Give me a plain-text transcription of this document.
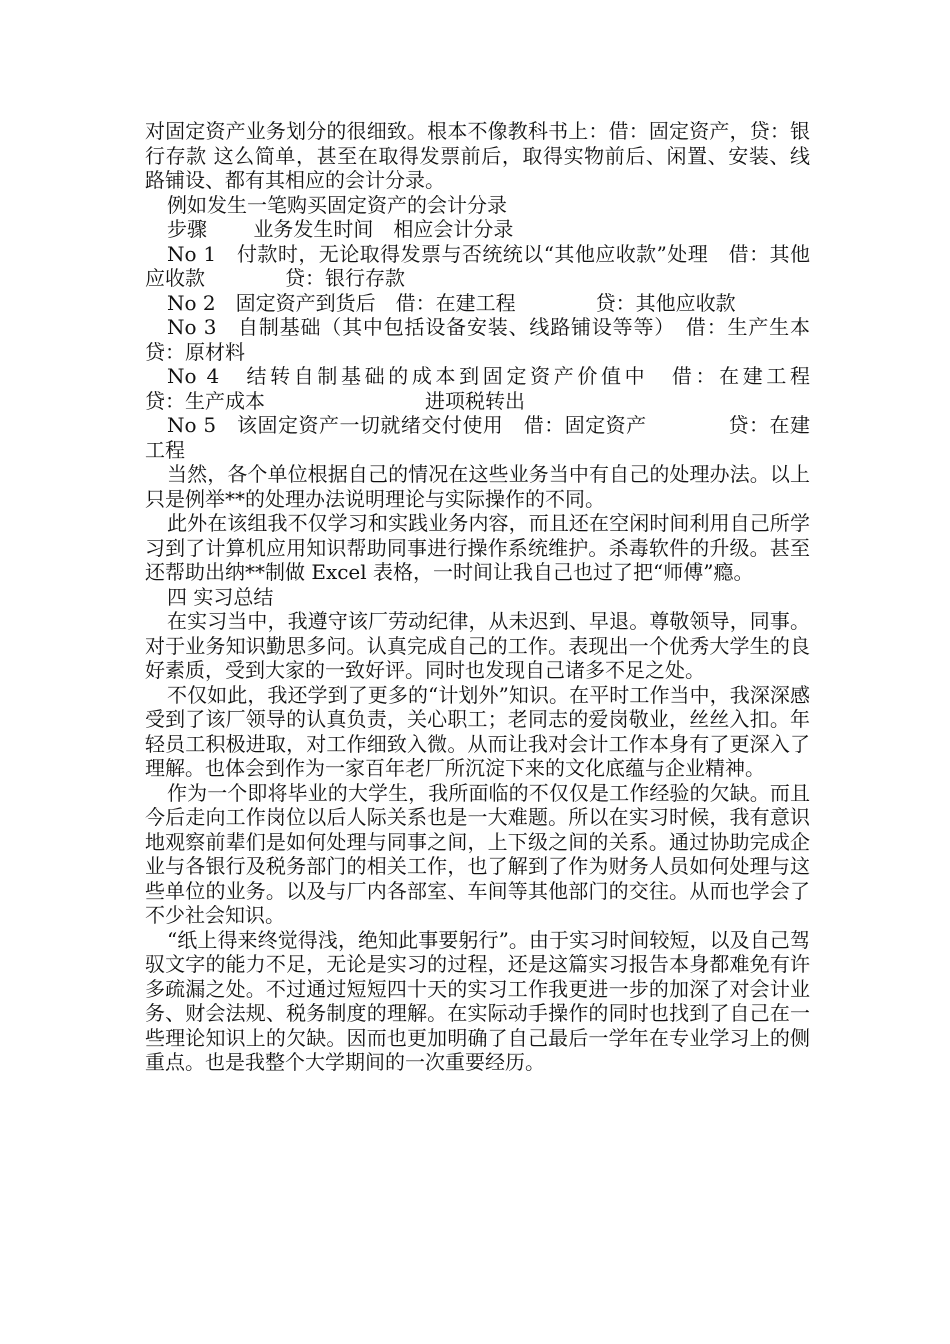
对固定资产业务划分的很细致。根本不像教科书上：借：固定资产，贷：银行存款 这么简单，甚至在取得发票前后，取得实物前后、闲置、安装、线路铺设、都有其相应的会计分录。

例如发生一笔购买固定资产的会计分录

步骤　　 业务发生时间　相应会计分录

No 1　付款时，无论取得发票与否统统以“其他应收款”处理　借：其他应收款　　　　贷：银行存款

No 2　固定资产到货后　借：在建工程　　　　贷：其他应收款

No 3　自制基础（其中包括设备安装、线路铺设等等）　借：生产生本　　　　贷：原材料

No 4　结转自制基础的成本到固定资产价值中　借：在建工程　　　贷：生产成本　　　　　　　　进项税转出

No 5　该固定资产一切就绪交付使用　借：固定资产　　　　贷：在建工程

当然，各个单位根据自己的情况在这些业务当中有自己的处理办法。以上只是例举**的处理办法说明理论与实际操作的不同。

此外在该组我不仅学习和实践业务内容，而且还在空闲时间利用自己所学习到了计算机应用知识帮助同事进行操作系统维护。杀毒软件的升级。甚至还帮助出纳**制做 Excel 表格，一时间让我自己也过了把“师傅”瘾。

四 实习总结

在实习当中，我遵守该厂劳动纪律，从未迟到、早退。尊敬领导，同事。对于业务知识勤思多问。认真完成自己的工作。表现出一个优秀大学生的良好素质，受到大家的一致好评。同时也发现自己诸多不足之处。

不仅如此，我还学到了更多的“计划外”知识。在平时工作当中，我深深感受到了该厂领导的认真负责，关心职工；老同志的爱岗敬业，丝丝入扣。年轻员工积极进取，对工作细致入微。从而让我对会计工作本身有了更深入了理解。也体会到作为一家百年老厂所沉淀下来的文化底蕴与企业精神。

作为一个即将毕业的大学生，我所面临的不仅仅是工作经验的欠缺。而且今后走向工作岗位以后人际关系也是一大难题。所以在实习时候，我有意识地观察前辈们是如何处理与同事之间，上下级之间的关系。通过协助完成企业与各银行及税务部门的相关工作，也了解到了作为财务人员如何处理与这些单位的业务。以及与厂内各部室、车间等其他部门的交往。从而也学会了不少社会知识。

“纸上得来终觉得浅，绝知此事要躬行”。由于实习时间较短，以及自己驾驭文字的能力不足，无论是实习的过程，还是这篇实习报告本身都难免有许多疏漏之处。不过通过短短四十天的实习工作我更进一步的加深了对会计业务、财会法规、税务制度的理解。在实际动手操作的同时也找到了自己在一些理论知识上的欠缺。因而也更加明确了自己最后一学年在专业学习上的侧重点。也是我整个大学期间的一次重要经历。
